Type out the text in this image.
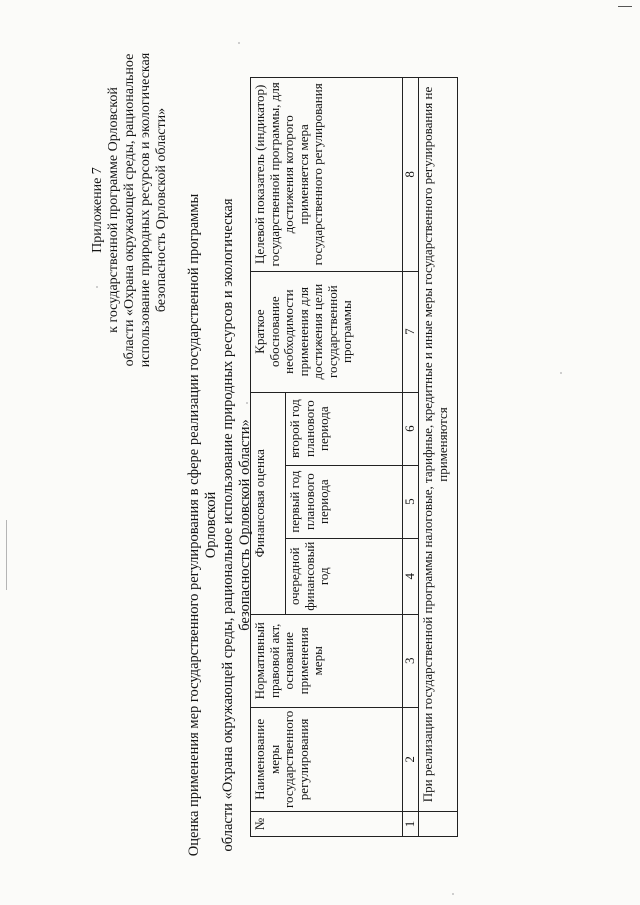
Приложение 7 к государственной программе Орловской области «Охрана окружающей среды, рациональное использование природных ресурсов и экологическая безопасность Орловской области» Оценка применения мер государственного регулирования в сфере реализации государственной программы Орловской области «Охрана окружающей среды, рациональное использование природных ресурсов и экологическая безопасность Орловской области»
№	Наименование меры государственного регулирования	Нормативный правовой акт, основание применения меры	Финансовая оценка			Краткое обоснование необходимости применения для достижения цели государственной программы	Целевой показатель (индикатор) государственной программы, для достижения которого применяется мера государственного регулирования
			очередной финансовый год	первый год планового периода	второй год планового периода		
1	2	3	4	5	6	7	8
	При реализации государственной программы налоговые, тарифные, кредитные и иные меры государственного регулирования не применяются						
